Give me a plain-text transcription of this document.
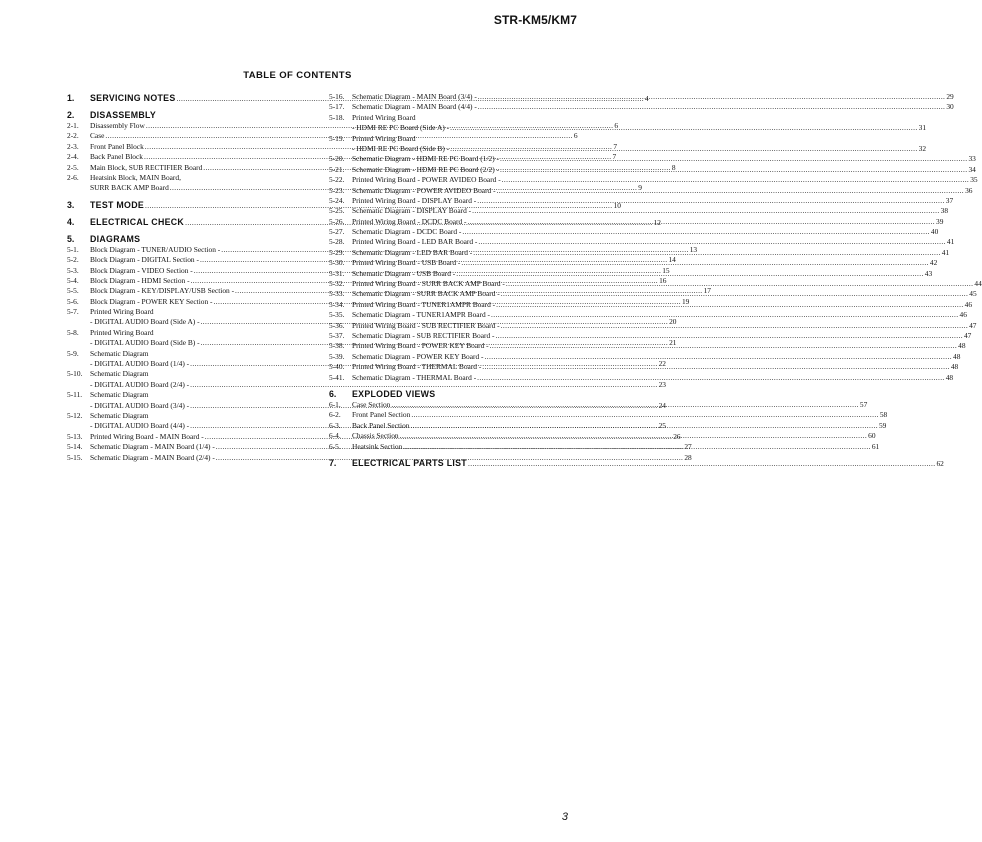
STR-KM5/KM7
TABLE OF CONTENTS
1.	SERVICING NOTES .....	4
2.	DISASSEMBLY
2-1.	Disassembly Flow .....	6
2-2.	Case .....	6
2-3.	Front Panel Block .....	7
2-4.	Back Panel Block .....	7
2-5.	Main Block, SUB RECTIFIER Board .....	8
2-6.	Heatsink Block, MAIN Board,
SURR BACK AMP Board .....	9
3.	TEST MODE .....	10
4.	ELECTRICAL CHECK .....	12
5.	DIAGRAMS
5-1.	Block Diagram - TUNER/AUDIO Section - .....	13
5-2.	Block Diagram - DIGITAL Section - .....	14
5-3.	Block Diagram - VIDEO Section - .....	15
5-4.	Block Diagram - HDMI Section - .....	16
5-5.	Block Diagram - KEY/DISPLAY/USB Section - .....	17
5-6.	Block Diagram - POWER KEY Section - .....	19
5-7.	Printed Wiring Board
- DIGITAL AUDIO Board (Side A) - .....	20
5-8.	Printed Wiring Board
- DIGITAL AUDIO Board (Side B) - .....	21
5-9.	Schematic Diagram
- DIGITAL AUDIO Board (1/4) - .....	22
5-10.	Schematic Diagram
- DIGITAL AUDIO Board (2/4) - .....	23
5-11.	Schematic Diagram
- DIGITAL AUDIO Board (3/4) - .....	24
5-12.	Schematic Diagram
- DIGITAL AUDIO Board (4/4) - .....	25
5-13.	Printed Wiring Board - MAIN Board - .....	26
5-14.	Schematic Diagram - MAIN Board (1/4) - .....	27
5-15.	Schematic Diagram - MAIN Board (2/4) - .....	28
5-16.	Schematic Diagram - MAIN Board (3/4) - .....	29
5-17.	Schematic Diagram - MAIN Board (4/4) - .....	30
5-18.	Printed Wiring Board
- HDMI RE PC Board (Side A) - .....	31
5-19.	Printed Wiring Board
- HDMI RE PC Board (Side B) - .....	32
5-20.	Schematic Diagram - HDMI RE PC Board (1/2) - .....	33
5-21.	Schematic Diagram - HDMI RE PC Board (2/2) - .....	34
5-22.	Printed Wiring Board - POWER AVIDEO Board - .....	35
5-23.	Schematic Diagram - POWER AVIDEO Board - .....	36
5-24.	Printed Wiring Board - DISPLAY Board - .....	37
5-25.	Schematic Diagram - DISPLAY Board - .....	38
5-26.	Printed Wiring Board - DCDC Board - .....	39
5-27.	Schematic Diagram - DCDC Board - .....	40
5-28.	Printed Wiring Board - LED BAR Board - .....	41
5-29.	Schematic Diagram - LED BAR Board - .....	41
5-30.	Printed Wiring Board - USB Board - .....	42
5-31.	Schematic Diagram - USB Board - .....	43
5-32.	Printed Wiring Board - SURR BACK AMP Board - .....	44
5-33.	Schematic Diagram - SURR BACK AMP Board - .....	45
5-34.	Printed Wiring Board - TUNER1AMPR Board - .....	46
5-35.	Schematic Diagram - TUNER1AMPR Board - .....	46
5-36.	Printed Wiring Board - SUB RECTIFIER Board - .....	47
5-37.	Schematic Diagram - SUB RECTIFIER Board - .....	47
5-38.	Printed Wiring Board - POWER KEY Board - .....	48
5-39.	Schematic Diagram - POWER KEY Board - .....	48
5-40.	Printed Wiring Board - THERMAL Board - .....	48
5-41.	Schematic Diagram - THERMAL Board - .....	48
6.	EXPLODED VIEWS
6-1.	Case Section .....	57
6-2.	Front Panel Section .....	58
6-3.	Back Panel Section .....	59
6-4.	Chassis Section .....	60
6-5.	Heatsink Section .....	61
7.	ELECTRICAL PARTS LIST .....	62
3
